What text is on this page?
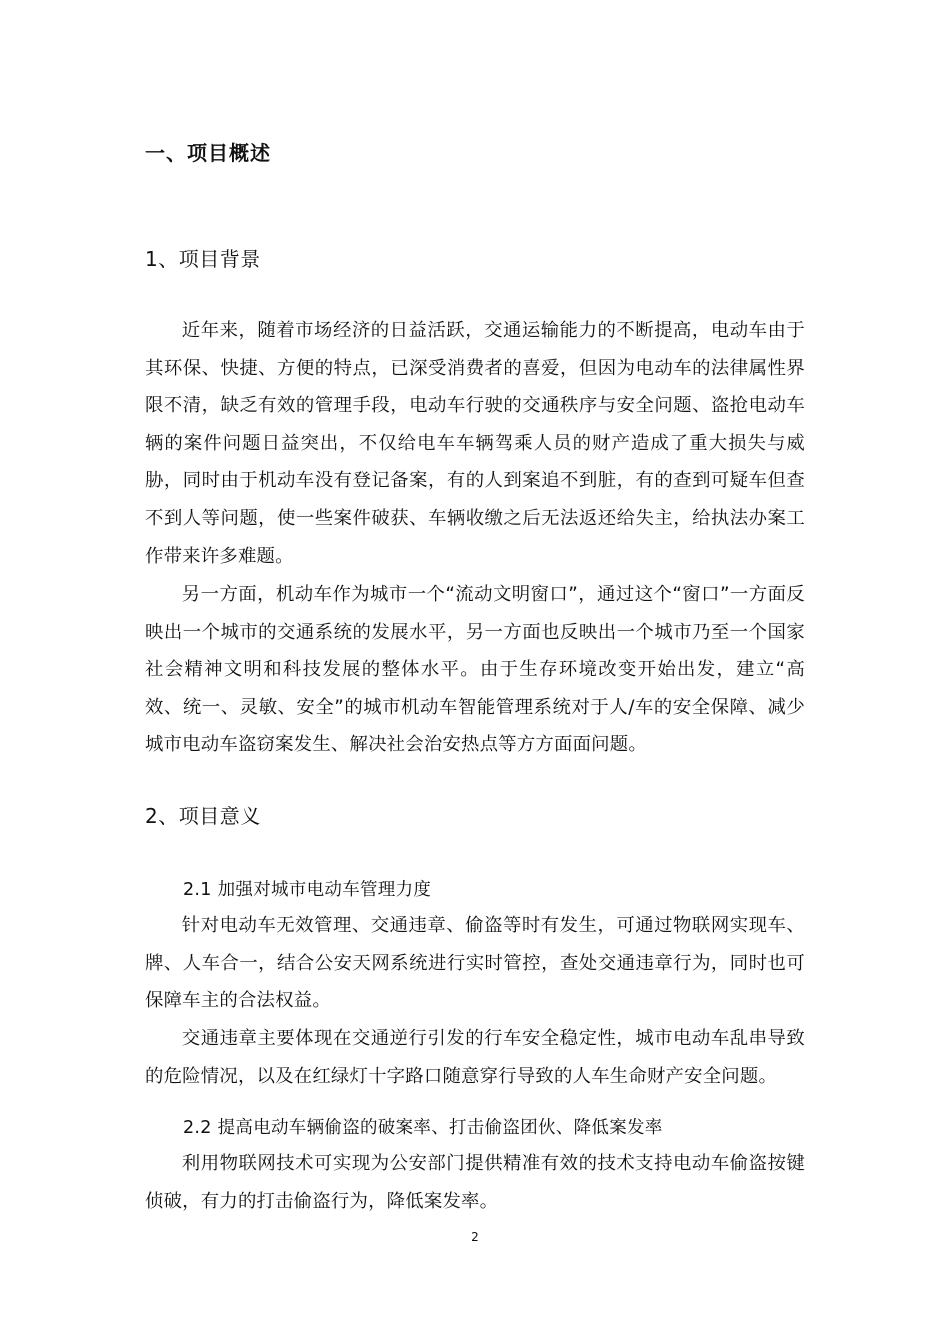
一、项目概述
1、项目背景

近年来，随着市场经济的日益活跃，交通运输能力的不断提高，电动车由于其环保、快捷、方便的特点，已深受消费者的喜爱，但因为电动车的法律属性界限不清，缺乏有效的管理手段，电动车行驶的交通秩序与安全问题、盗抢电动车辆的案件问题日益突出，不仅给电车车辆驾乘人员的财产造成了重大损失与威胁，同时由于机动车没有登记备案，有的人到案追不到脏，有的查到可疑车但查不到人等问题，使一些案件破获、车辆收缴之后无法返还给失主，给执法办案工作带来许多难题。

另一方面，机动车作为城市一个“流动文明窗口”，通过这个“窗口”一方面反映出一个城市的交通系统的发展水平，另一方面也反映出一个城市乃至一个国家社会精神文明和科技发展的整体水平。由于生存环境改变开始出发，建立“高效、统一、灵敏、安全”的城市机动车智能管理系统对于人/车的安全保障、减少城市电动车盗窃案发生、解决社会治安热点等方方面面问题。

2、项目意义
2.1 加强对城市电动车管理力度

针对电动车无效管理、交通违章、偷盗等时有发生，可通过物联网实现车、牌、人车合一，结合公安天网系统进行实时管控，查处交通违章行为，同时也可保障车主的合法权益。

交通违章主要体现在交通逆行引发的行车安全稳定性，城市电动车乱串导致的危险情况，以及在红绿灯十字路口随意穿行导致的人车生命财产安全问题。

2.2 提高电动车辆偷盗的破案率、打击偷盗团伙、降低案发率

利用物联网技术可实现为公安部门提供精准有效的技术支持电动车偷盗按键侦破，有力的打击偷盗行为，降低案发率。

2
